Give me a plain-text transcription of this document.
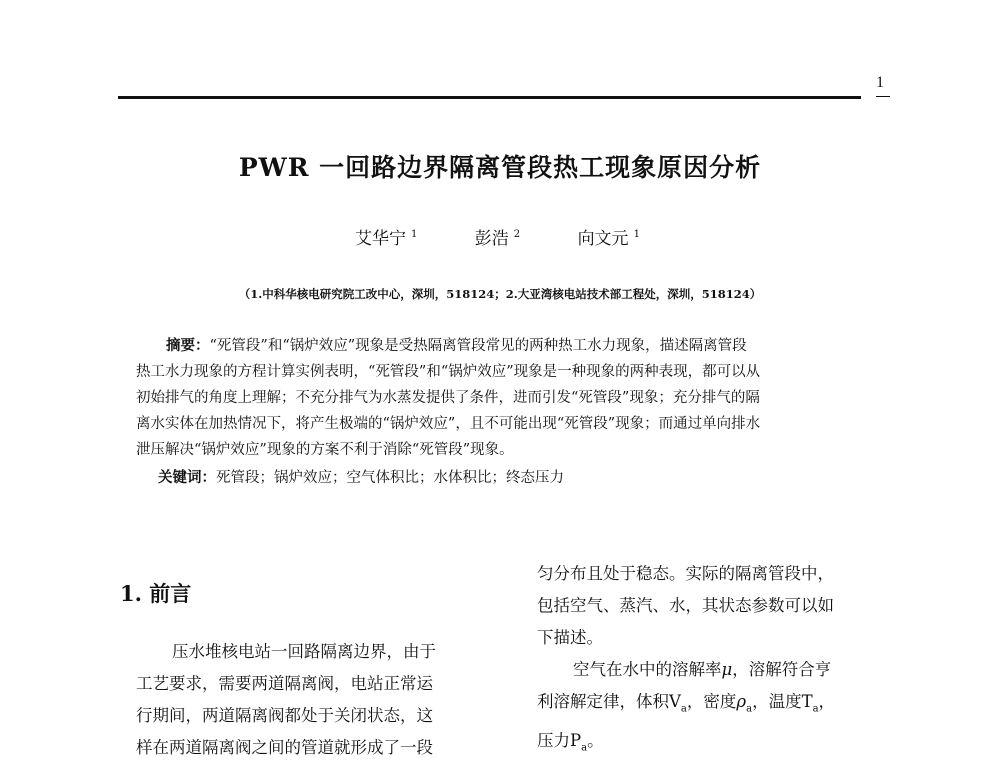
1
PWR 一回路边界隔离管段热工现象原因分析
艾华宁 $^1$	彭浩 $^2$	向文元 $^1$
（1.中科华核电研究院工改中心，深圳，518124；2.大亚湾核电站技术部工程处，深圳，518124）
摘要：“死管段”和“锅炉效应”现象是受热隔离管段常见的两种热工水力现象，描述隔离管段
热工水力现象的方程计算实例表明，“死管段”和“锅炉效应”现象是一种现象的两种表现，都可以从
初始排气的角度上理解；不充分排气为水蒸发提供了条件，进而引发“死管段”现象；充分排气的隔
离水实体在加热情况下，将产生极端的“锅炉效应”，且不可能出现“死管段”现象；而通过单向排水
泄压解决“锅炉效应”现象的方案不利于消除“死管段”现象。
关键词：死管段；锅炉效应；空气体积比；水体积比；终态压力
1. 前言

压水堆核电站一回路隔离边界，由于

工艺要求，需要两道隔离阀，电站正常运

行期间，两道隔离阀都处于关闭状态，这

样在两道隔离阀之间的管道就形成了一段

匀分布且处于稳态。实际的隔离管段中，

包括空气、蒸汽、水，其状态参数可以如

下描述。

空气在水中的溶解率μ，溶解符合亨

利溶解定律，体积$V_a$，密度$\rho_a$，温度$T_a$，

压力$P_a$。
